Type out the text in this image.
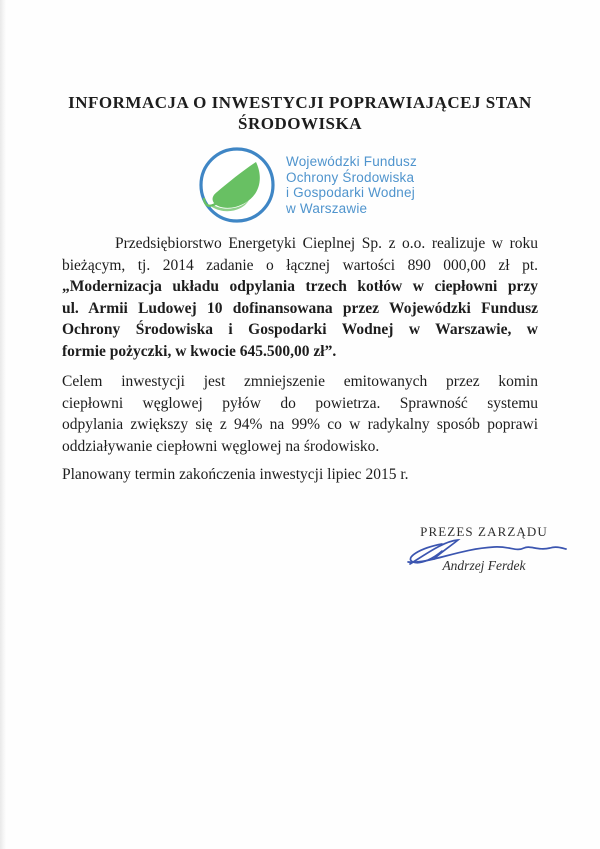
INFORMACJA O INWESTYCJI POPRAWIAJĄCEJ STAN
ŚRODOWISKA
Wojewódzki Fundusz
Ochrony Środowiska
i Gospodarki Wodnej
w Warszawie
Przedsiębiorstwo Energetyki Cieplnej Sp. z o.o. realizuje w roku
bieżącym, tj. 2014 zadanie o łącznej wartości 890 000,00 zł pt.
„Modernizacja układu odpylania trzech kotłów w ciepłowni przy
ul. Armii Ludowej 10 dofinansowana przez Wojewódzki Fundusz
Ochrony Środowiska i Gospodarki Wodnej w Warszawie, w
formie pożyczki, w kwocie 645.500,00 zł”.
Celem inwestycji jest zmniejszenie emitowanych przez komin
ciepłowni węglowej pyłów do powietrza. Sprawność systemu
odpylania zwiększy się z 94% na 99% co w radykalny sposób poprawi
oddziaływanie ciepłowni węglowej na środowisko.
Planowany termin zakończenia inwestycji lipiec 2015 r.
PREZES ZARZĄDU
Andrzej Ferdek
